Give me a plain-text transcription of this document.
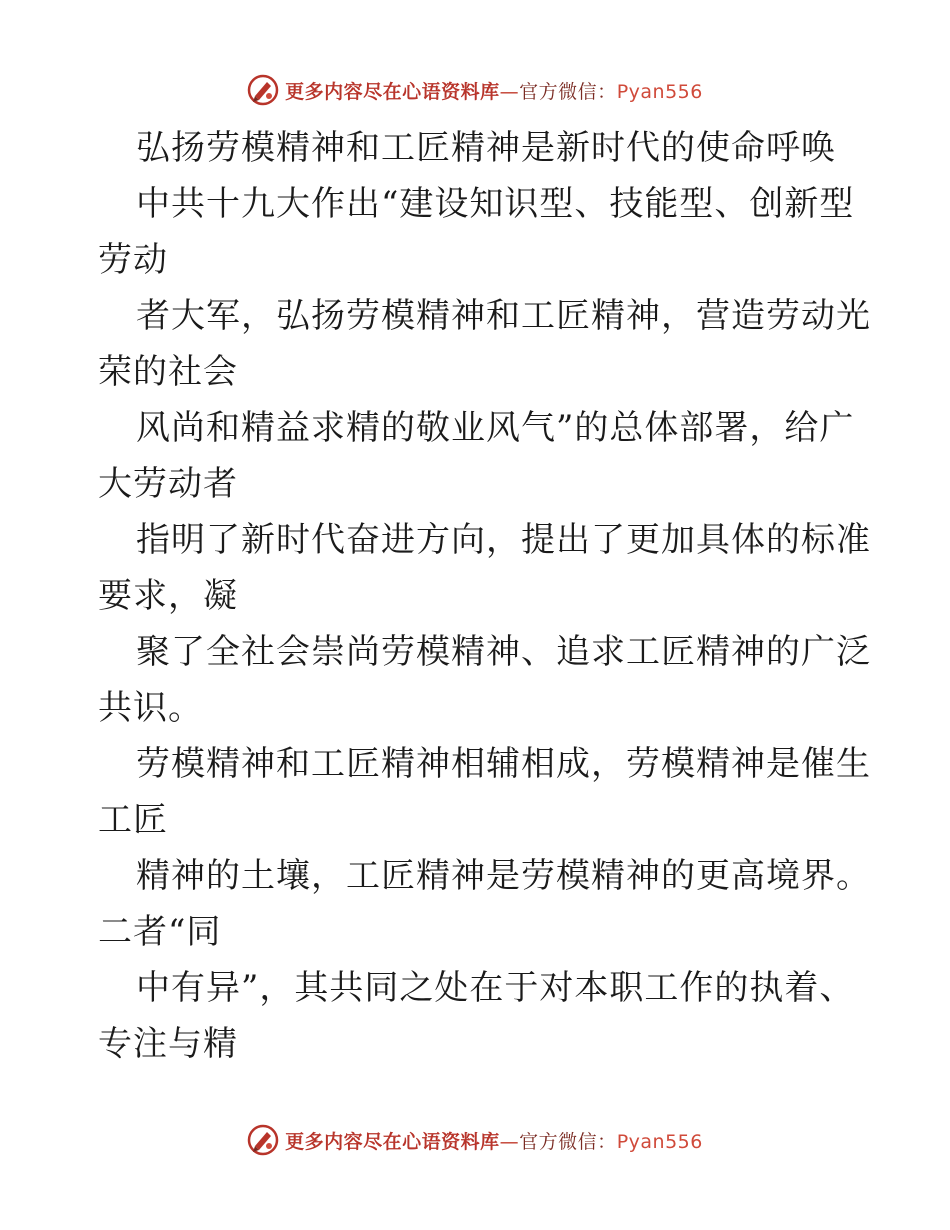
更多内容尽在心语资料库—官方微信：Pyan556
弘扬劳模精神和工匠精神是新时代的使命呼唤
中共十九大作出“建设知识型、技能型、创新型
劳动
者大军，弘扬劳模精神和工匠精神，营造劳动光
荣的社会
风尚和精益求精的敬业风气”的总体部署，给广
大劳动者
指明了新时代奋进方向，提出了更加具体的标准
要求，凝
聚了全社会崇尚劳模精神、追求工匠精神的广泛
共识。
劳模精神和工匠精神相辅相成，劳模精神是催生
工匠
精神的土壤，工匠精神是劳模精神的更高境界。
二者“同
中有异”，其共同之处在于对本职工作的执着、
专注与精
更多内容尽在心语资料库—官方微信：Pyan556
